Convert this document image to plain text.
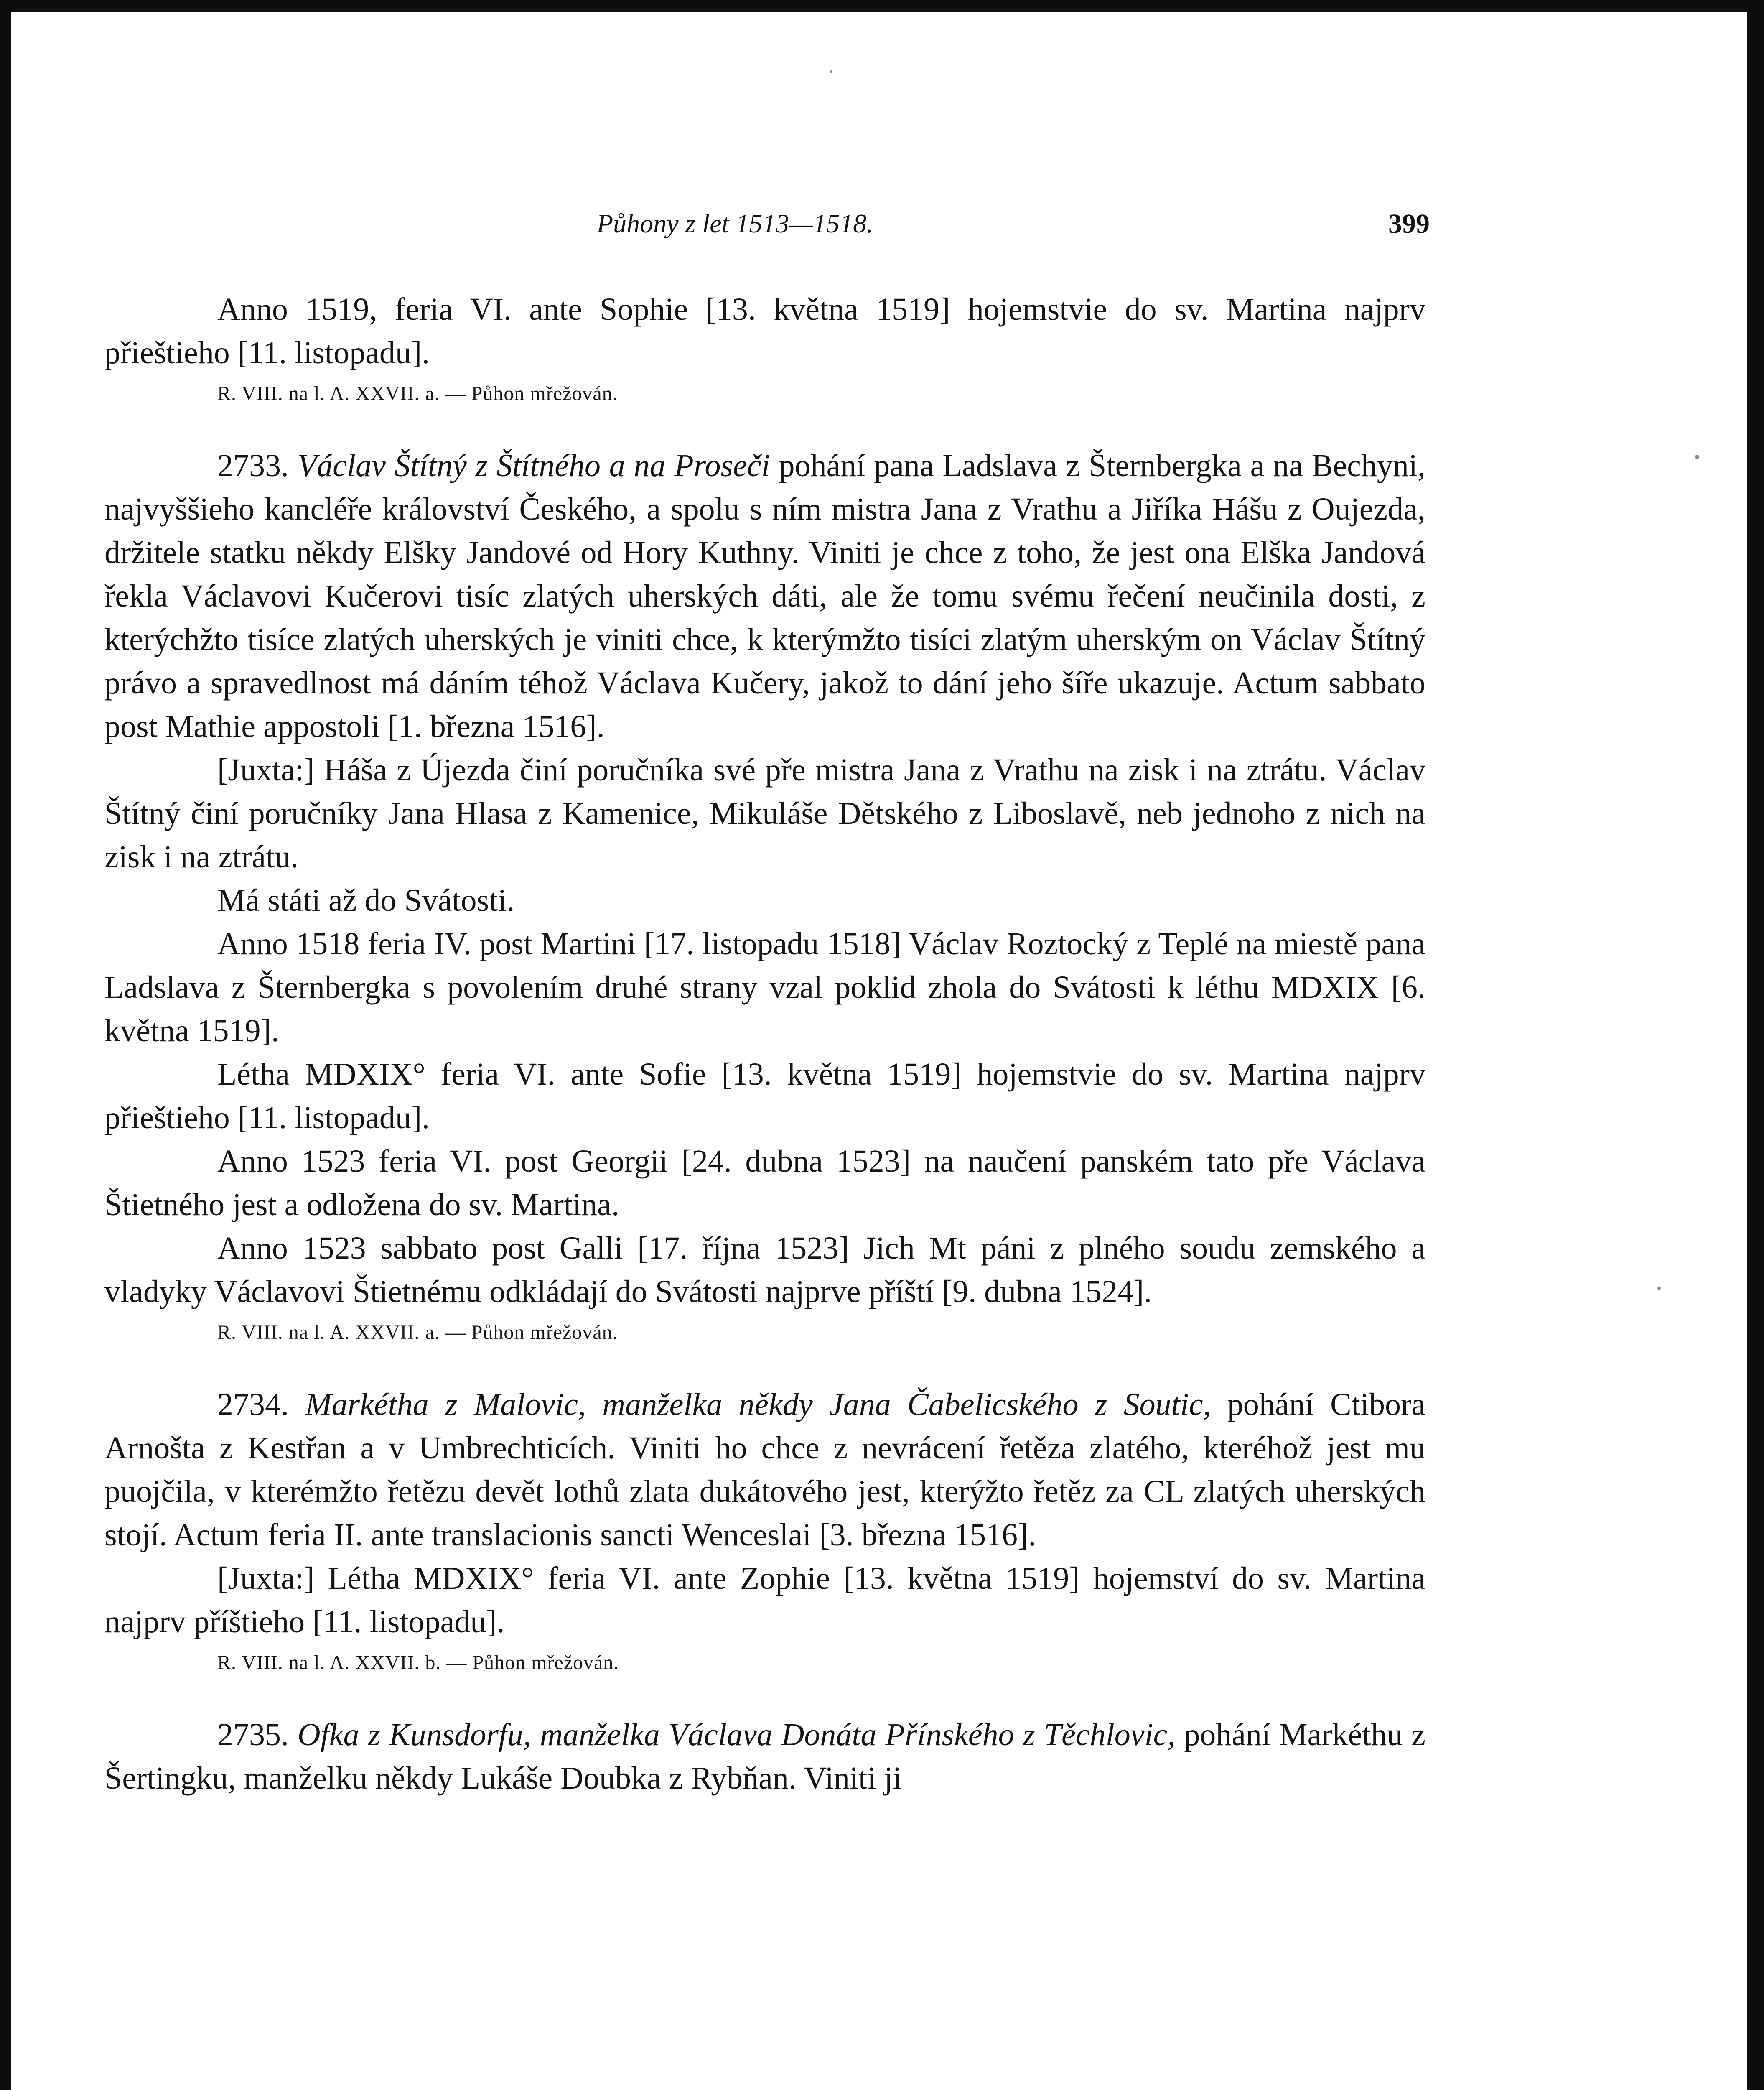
Půhony z let 1513—1518.	399

Anno 1519, feria VI. ante Sophie [13. května 1519] hojemstvie do sv. Martina najprv přieštieho [11. listopadu].

R. VIII. na l. A. XXVII. a. — Půhon mřežován.

2733. Václav Štítný z Štítného a na Proseči pohání pana Ladslava z Šternbergka a na Bechyni, najvyššieho kancléře království Českého, a spolu s ním mistra Jana z Vrathu a Jiříka Hášu z Oujezda, držitele statku někdy Elšky Jandové od Hory Kuthny. Viniti je chce z toho, že jest ona Elška Jandová řekla Václavovi Kučerovi tisíc zlatých uherských dáti, ale že tomu svému řečení neučinila dosti, z kterýchžto tisíce zlatých uherských je viniti chce, k kterýmžto tisíci zlatým uherským on Václav Štítný právo a spravedlnost má dáním téhož Václava Kučery, jakož to dání jeho šíře ukazuje. Actum sabbato post Mathie appostoli [1. března 1516].

[Juxta:] Háša z Újezda činí poručníka své pře mistra Jana z Vrathu na zisk i na ztrátu. Václav Štítný činí poručníky Jana Hlasa z Kamenice, Mikuláše Dětského z Liboslavě, neb jednoho z nich na zisk i na ztrátu.

Má státi až do Svátosti.

Anno 1518 feria IV. post Martini [17. listopadu 1518] Václav Roztocký z Teplé na miestě pana Ladslava z Šternbergka s povolením druhé strany vzal poklid zhola do Svátosti k léthu MDXIX [6. května 1519].

Létha MDXIX° feria VI. ante Sofie [13. května 1519] hojemstvie do sv. Martina najprv přieštieho [11. listopadu].

Anno 1523 feria VI. post Georgii [24. dubna 1523] na naučení panském tato pře Václava Štietného jest a odložena do sv. Martina.

Anno 1523 sabbato post Galli [17. října 1523] Jich Mt páni z plného soudu zemského a vladyky Václavovi Štietnému odkládají do Svátosti najprve příští [9. dubna 1524].

R. VIII. na l. A. XXVII. a. — Půhon mřežován.

2734. Markétha z Malovic, manželka někdy Jana Čabelicského z Soutic, pohání Ctibora Arnošta z Kestřan a v Umbrechticích. Viniti ho chce z nevrácení řetěza zlatého, kteréhož jest mu puojčila, v kterémžto řetězu devět lothů zlata dukátového jest, kterýžto řetěz za CL zlatých uherských stojí. Actum feria II. ante translacionis sancti Wenceslai [3. března 1516].

[Juxta:] Létha MDXIX° feria VI. ante Zophie [13. května 1519] hojemství do sv. Martina najprv příštieho [11. listopadu].

R. VIII. na l. A. XXVII. b. — Půhon mřežován.

2735. Ofka z Kunsdorfu, manželka Václava Donáta Přínského z Těchlovic, pohání Markéthu z Šertingku, manželku někdy Lukáše Doubka z Rybňan. Viniti ji
